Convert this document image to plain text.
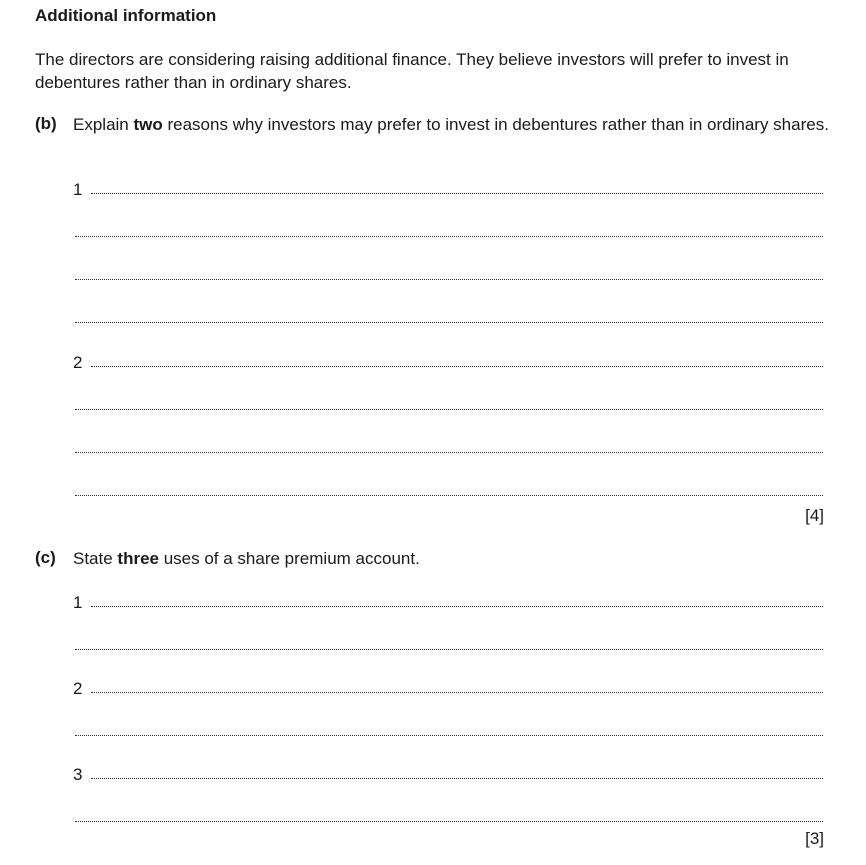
Additional information
The directors are considering raising additional finance. They believe investors will prefer to invest in debentures rather than in ordinary shares.
(b) Explain two reasons why investors may prefer to invest in debentures rather than in ordinary shares.
1
2
[4]
(c) State three uses of a share premium account.
1
2
3
[3]
